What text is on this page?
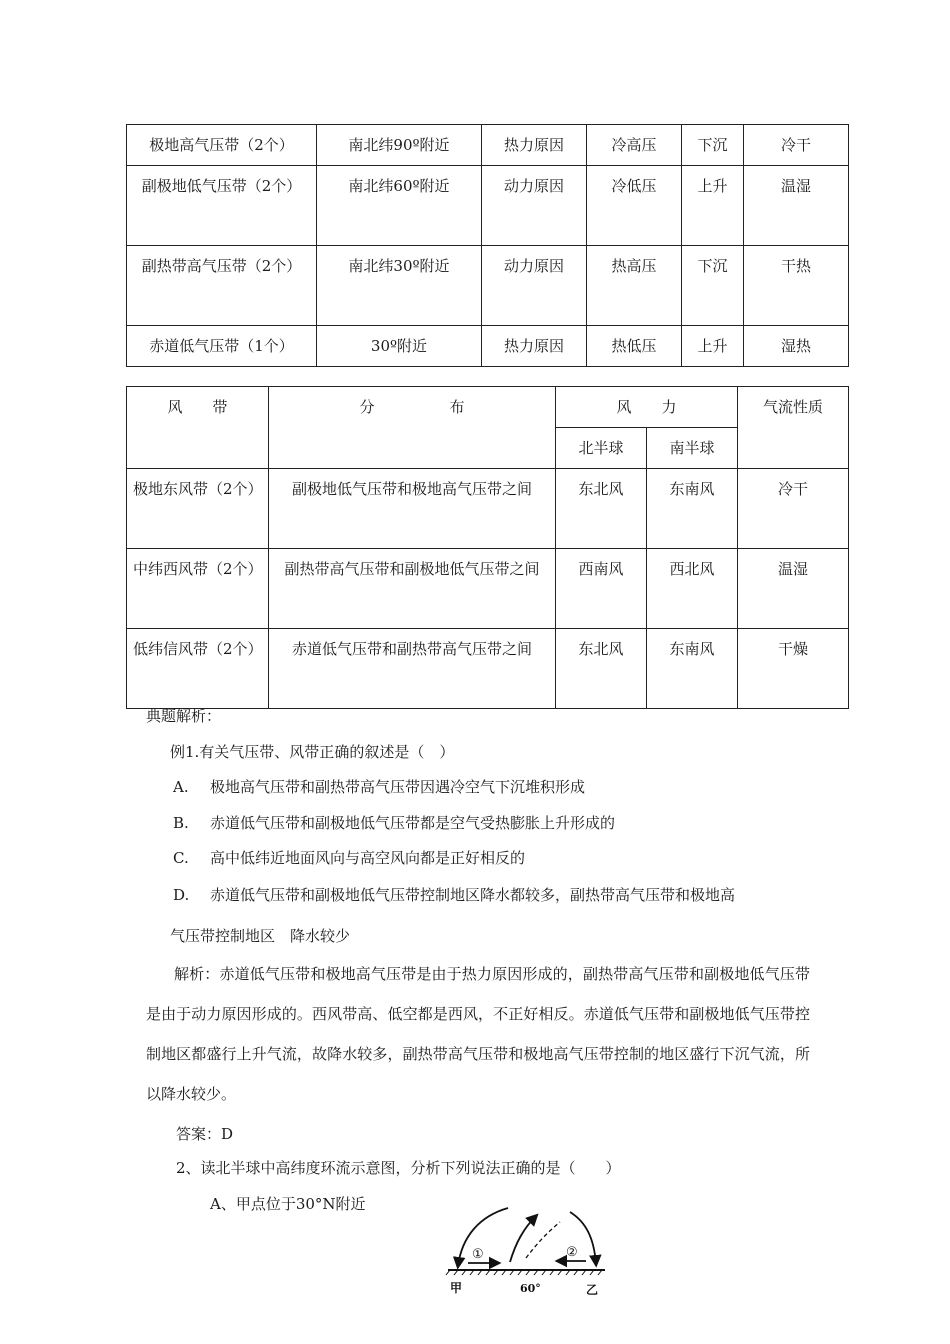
极地高气压带（2个）	南北纬90º附近	热力原因	冷高压	下沉	冷干
副极地低气压带（2个）	南北纬60º附近	动力原因	冷低压	上升	温湿
副热带高气压带（2个）	南北纬30º附近	动力原因	热高压	下沉	干热
赤道低气压带（1个）	30º附近	热力原因	热低压	上升	湿热
风　　带	分　　　　　布	风　　力		气流性质
		北半球	南半球	
极地东风带（2个）	副极地低气压带和极地高气压带之间	东北风	东南风	冷干
中纬西风带（2个）	副热带高气压带和副极地低气压带之间	西南风	西北风	温湿
低纬信风带（2个）	赤道低气压带和副热带高气压带之间	东北风	东南风	干燥
典题解析：
例1.有关气压带、风带正确的叙述是（　）
A. 极地高气压带和副热带高气压带因遇冷空气下沉堆积形成
B. 赤道低气压带和副极地低气压带都是空气受热膨胀上升形成的
C. 高中低纬近地面风向与高空风向都是正好相反的
D. 赤道低气压带和副极地低气压带控制地区降水都较多，副热带高气压带和极地高
气压带控制地区　降水较少
解析：赤道低气压带和极地高气压带是由于热力原因形成的，副热带高气压带和副极地低气压带是由于动力原因形成的。西风带高、低空都是西风，不正好相反。赤道低气压带和副极地低气压带控制地区都盛行上升气流，故降水较多，副热带高气压带和极地高气压带控制的地区盛行下沉气流，所以降水较少。
答案：D
2、读北半球中高纬度环流示意图，分析下列说法正确的是（　　）
A、甲点位于30°N附近
①	②
甲	60°	乙
